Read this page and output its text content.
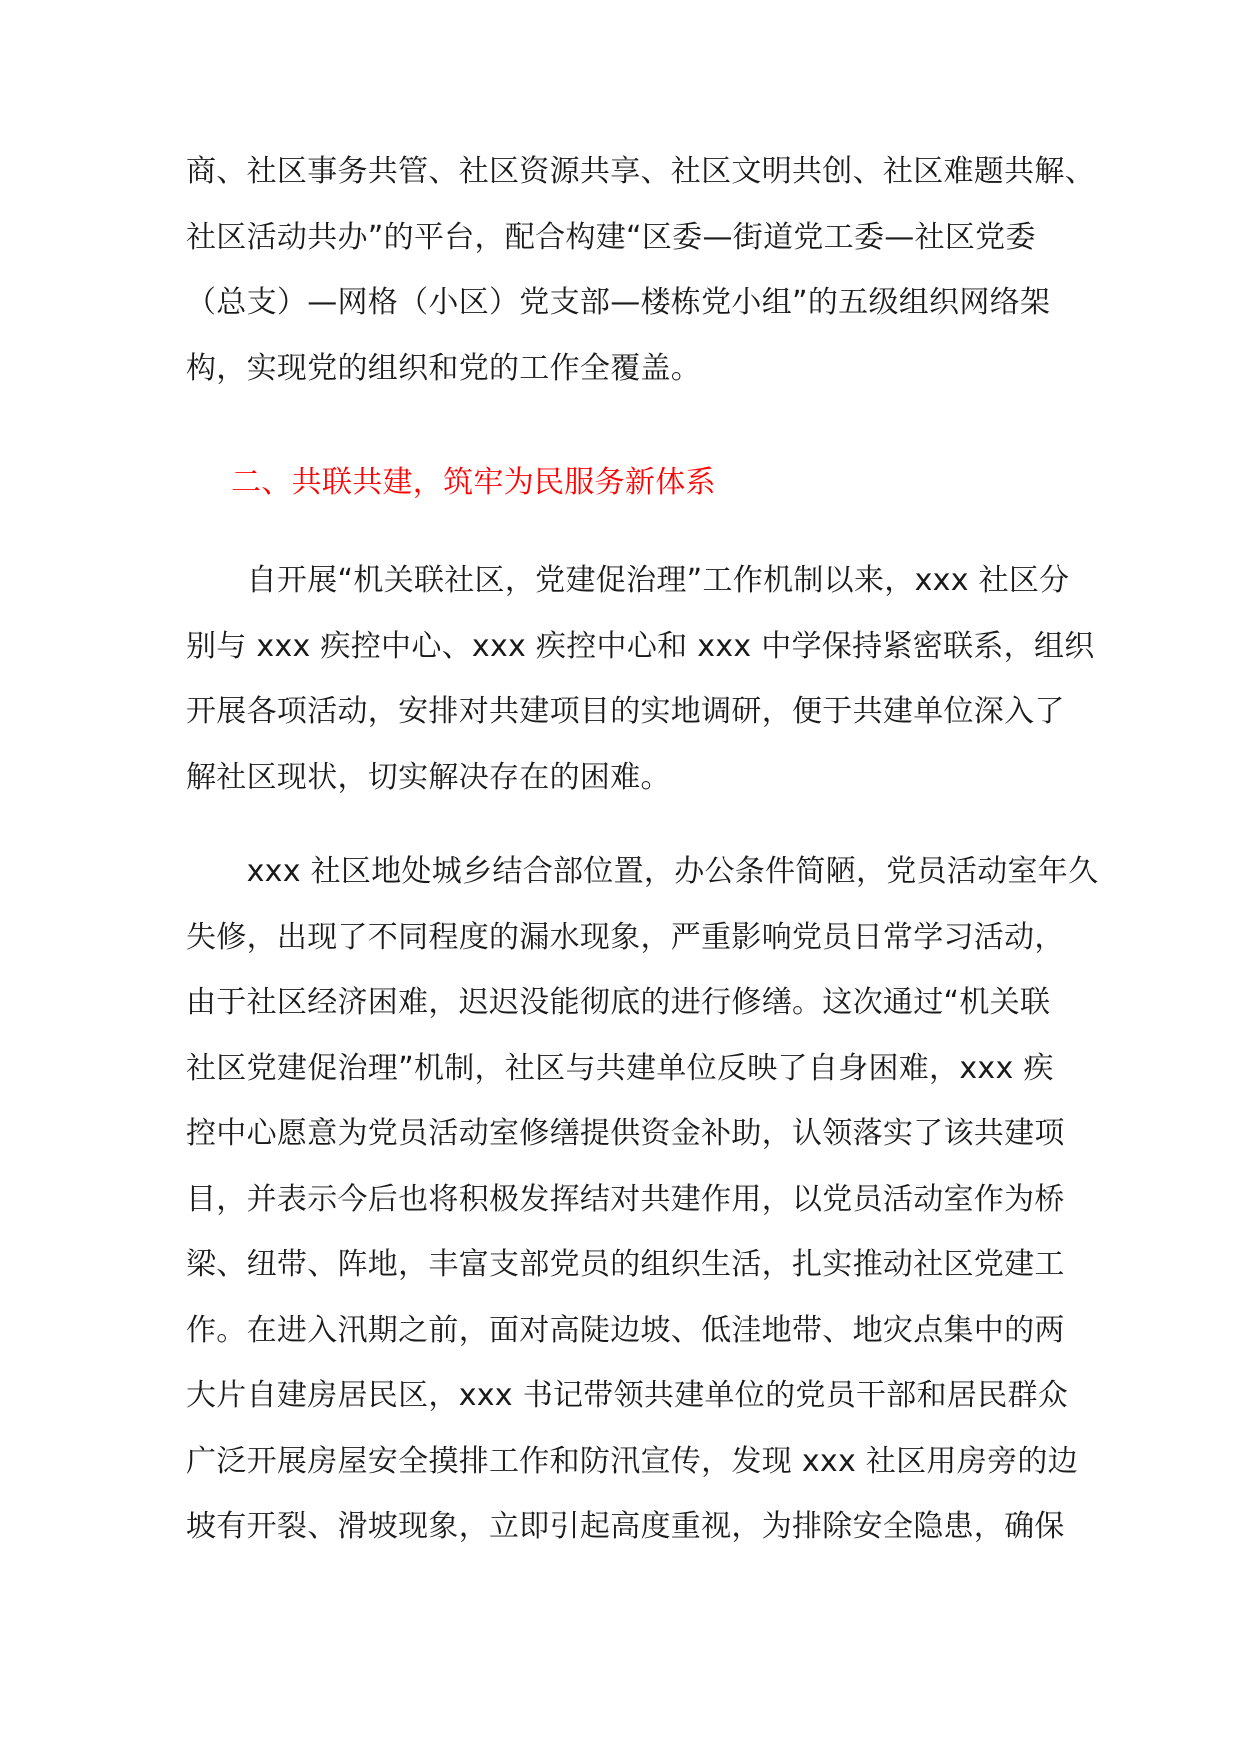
商、社区事务共管、社区资源共享、社区文明共创、社区难题共解、
社区活动共办”的平台，配合构建“区委—街道党工委—社区党委
（总支）—网格（小区）党支部—楼栋党小组”的五级组织网络架
构，实现党的组织和党的工作全覆盖。
二、共联共建，筑牢为民服务新体系
　　自开展“机关联社区，党建促治理”工作机制以来，xxx 社区分
别与 xxx 疾控中心、xxx 疾控中心和 xxx 中学保持紧密联系，组织
开展各项活动，安排对共建项目的实地调研，便于共建单位深入了
解社区现状，切实解决存在的困难。
　　xxx 社区地处城乡结合部位置，办公条件简陋，党员活动室年久
失修，出现了不同程度的漏水现象，严重影响党员日常学习活动，
由于社区经济困难，迟迟没能彻底的进行修缮。这次通过“机关联
社区党建促治理”机制，社区与共建单位反映了自身困难，xxx 疾
控中心愿意为党员活动室修缮提供资金补助，认领落实了该共建项
目，并表示今后也将积极发挥结对共建作用，以党员活动室作为桥
梁、纽带、阵地，丰富支部党员的组织生活，扎实推动社区党建工
作。在进入汛期之前，面对高陡边坡、低洼地带、地灾点集中的两
大片自建房居民区，xxx 书记带领共建单位的党员干部和居民群众
广泛开展房屋安全摸排工作和防汛宣传，发现 xxx 社区用房旁的边
坡有开裂、滑坡现象，立即引起高度重视，为排除安全隐患，确保
